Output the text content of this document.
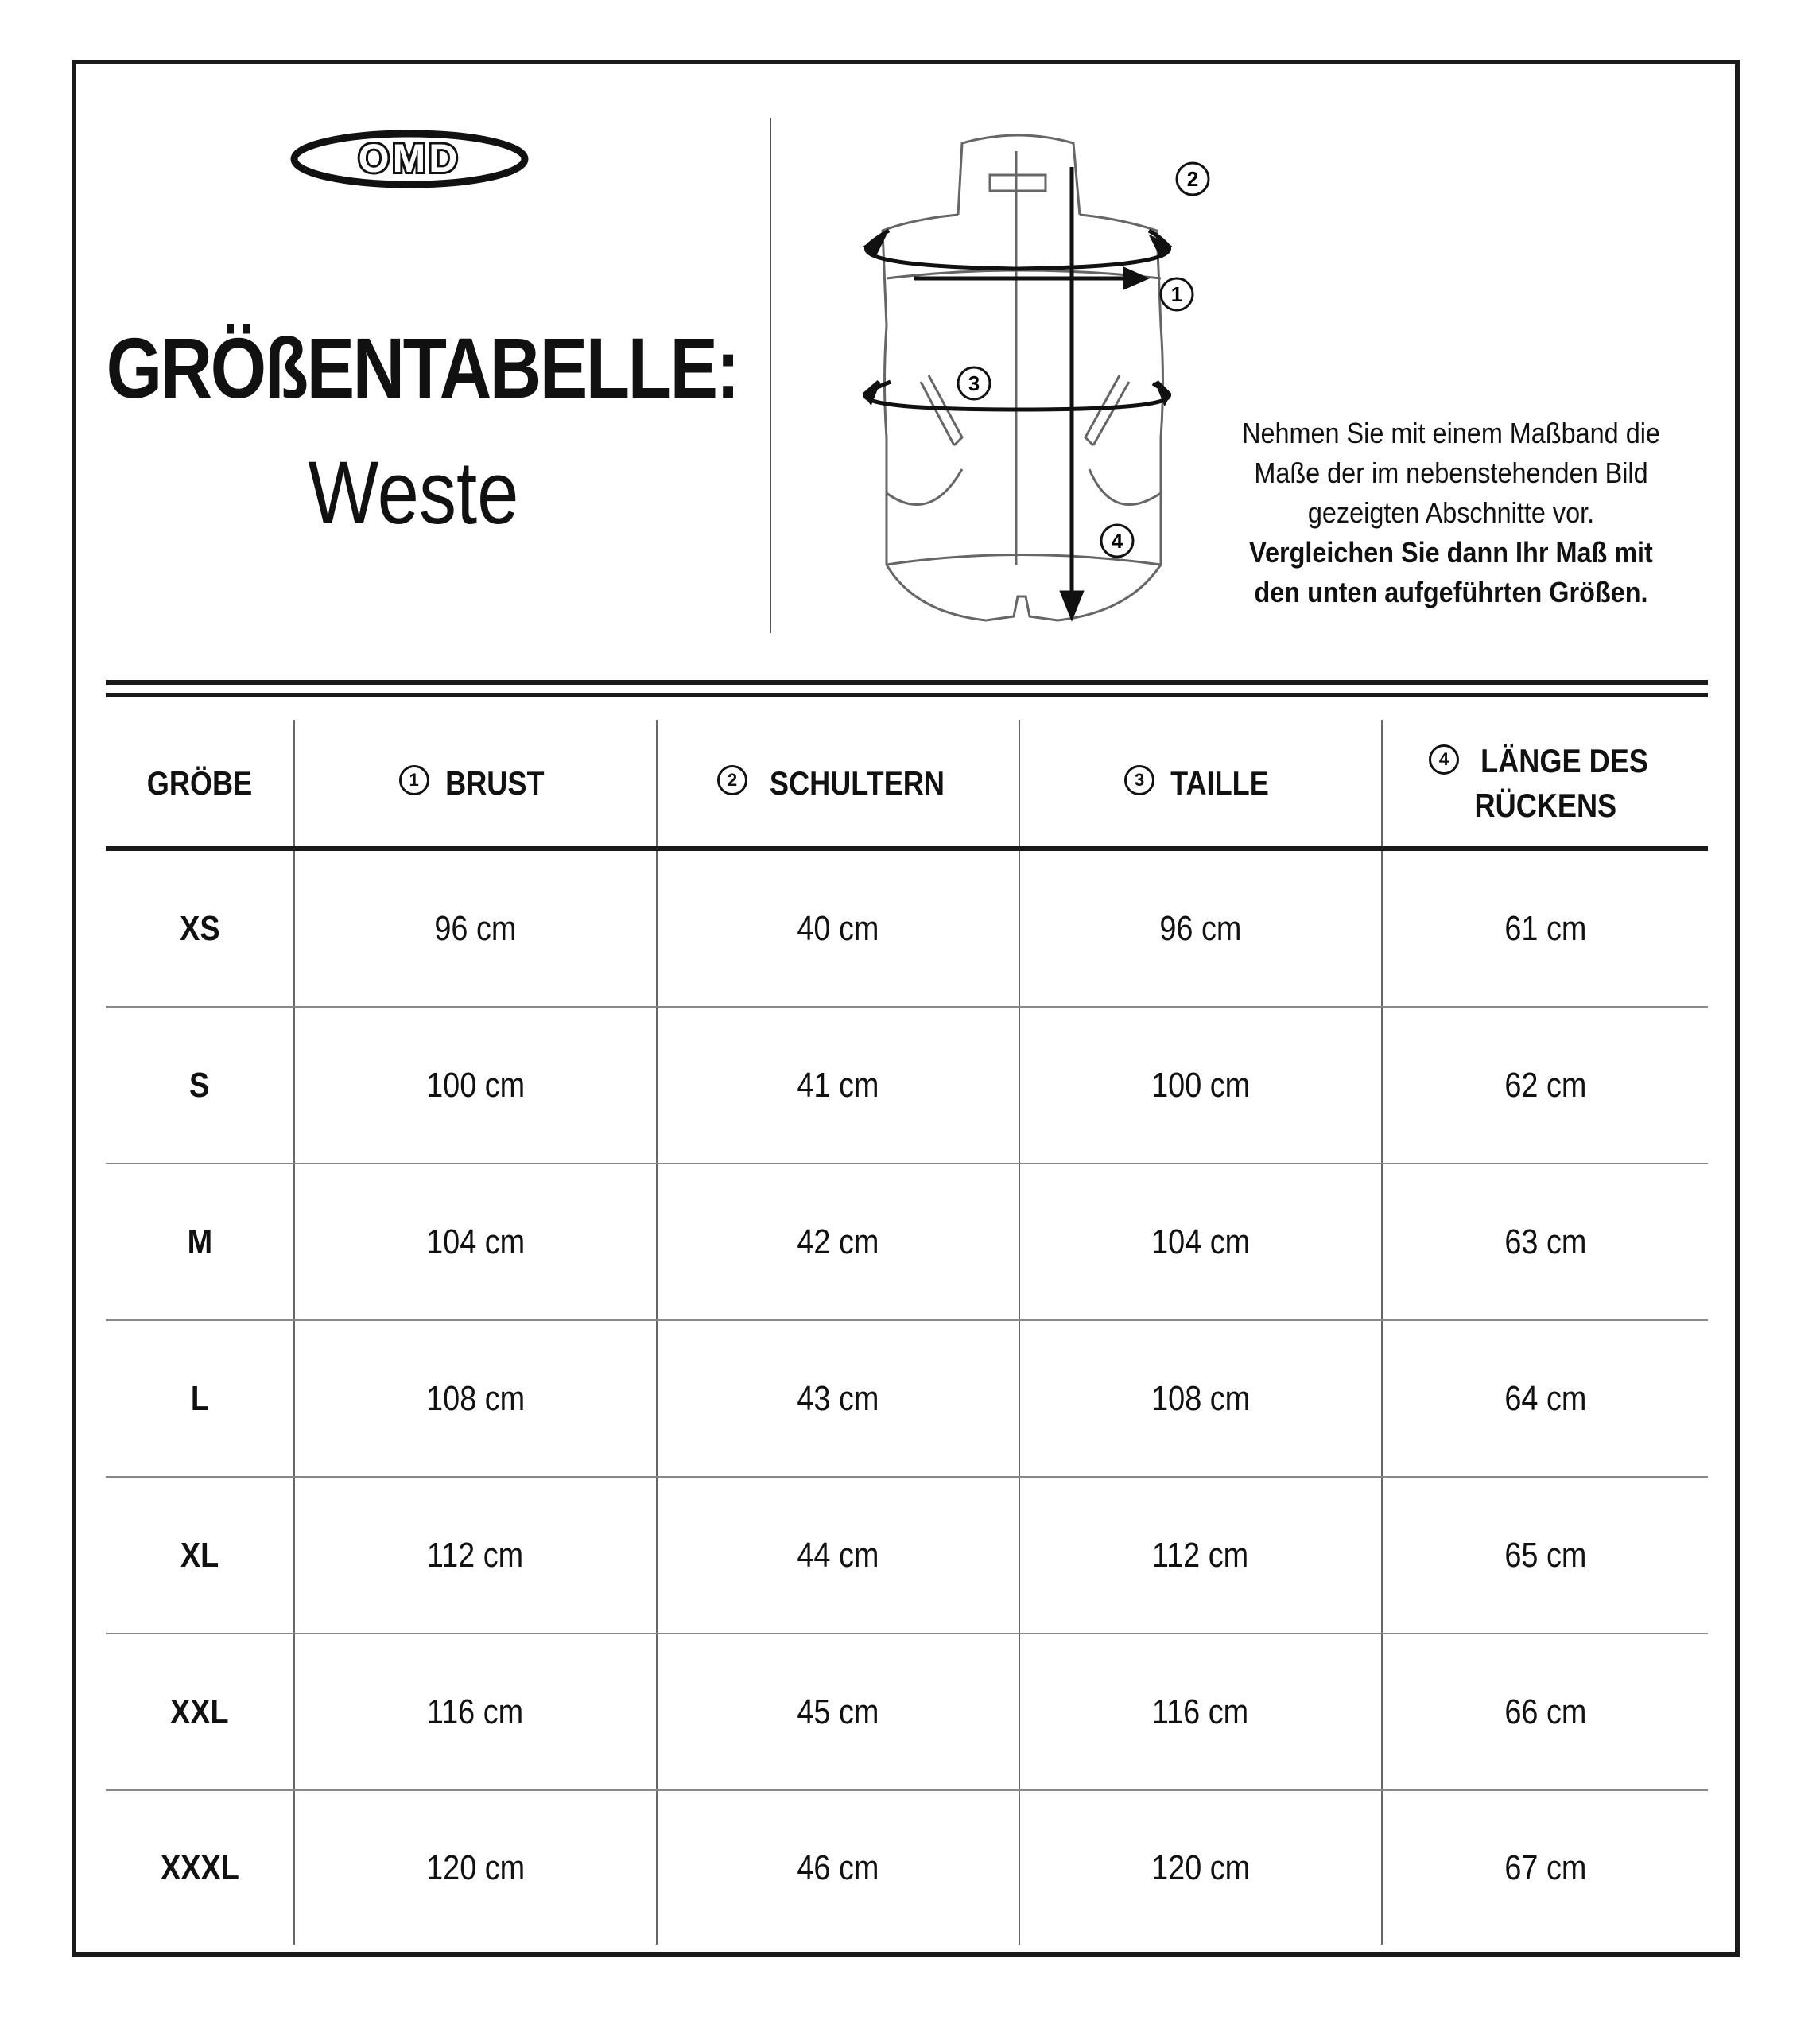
OMD
GRÖßENTABELLE:
Weste
2
1
3
4
Nehmen Sie mit einem Maßband die
Maße der im nebenstehenden Bild
gezeigten Abschnitte vor.
Vergleichen Sie dann Ihr Maß mit
den unten aufgeführten Größen.
GRÖBE	1 BRUST	2 SCHULTERN	3 TAILLE
4 LÄNGE DES
RÜCKENS
XS	96 cm	40 cm	96 cm	61 cm
S	100 cm	41 cm	100 cm	62 cm
M	104 cm	42 cm	104 cm	63 cm
L	108 cm	43 cm	108 cm	64 cm
XL	112 cm	44 cm	112 cm	65 cm
XXL	116 cm	45 cm	116 cm	66 cm
XXXL	120 cm	46 cm	120 cm	67 cm
